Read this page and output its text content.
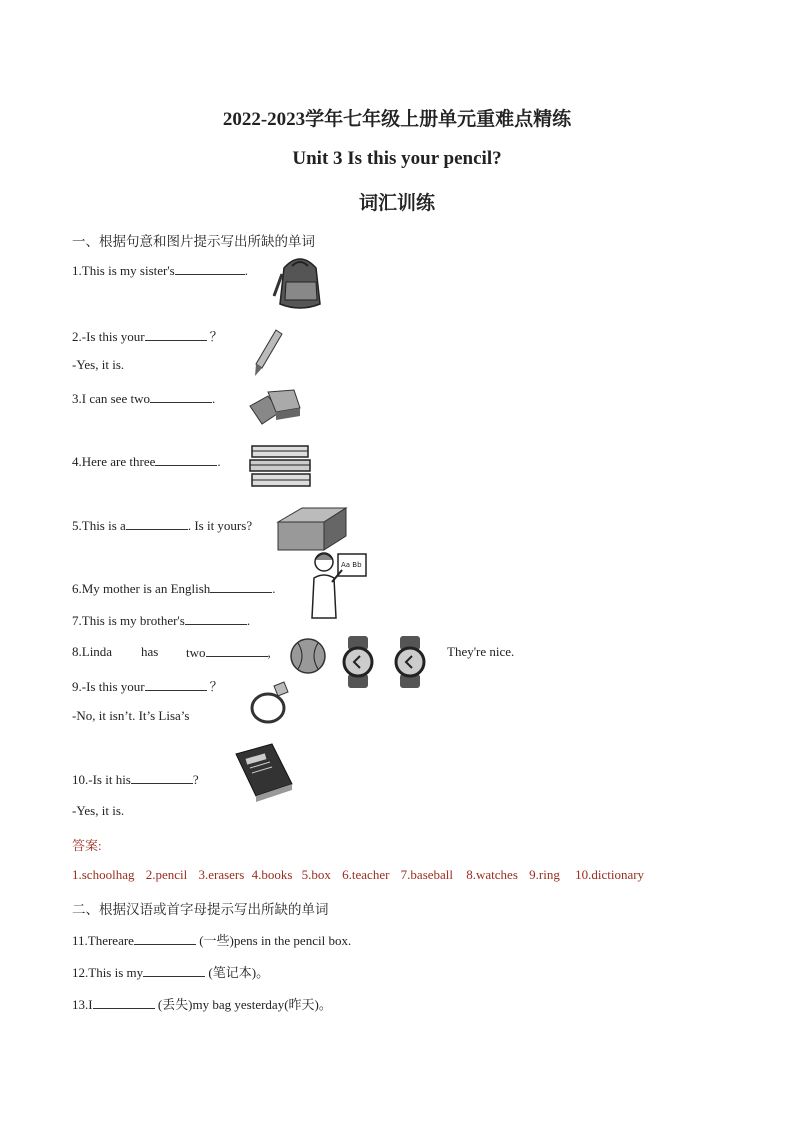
2022-2023学年七年级上册单元重难点精练
Unit 3 Is this your pencil?
词汇训练
一、根据句意和图片提示写出所缺的单词
1.This is my sister's	.
2.-Is this your	？
-Yes, it is.
3.I can see two	.
4.Here are three	.
5.This is a	. Is it yours?
6.My mother is an English	.
Aa Bb
7.This is my brother's	.
8.Linda has two	,	They're nice.
9.-Is this your	？
-No, it isn’t. It’s Lisa’s
10.-Is it his	?
-Yes, it is.
答案:
1.schoolhag 2.pencil 3.erasers 4.books 5.box 6.teacher 7.baseball 8.watches 9.ring 10.dictionary
二、根据汉语或首字母提示写出所缺的单词
11.Thereare	(一些)pens in the pencil box.
12.This is my	(笔记本)。
13.I	(丢失)my bag yesterday(昨天)。
